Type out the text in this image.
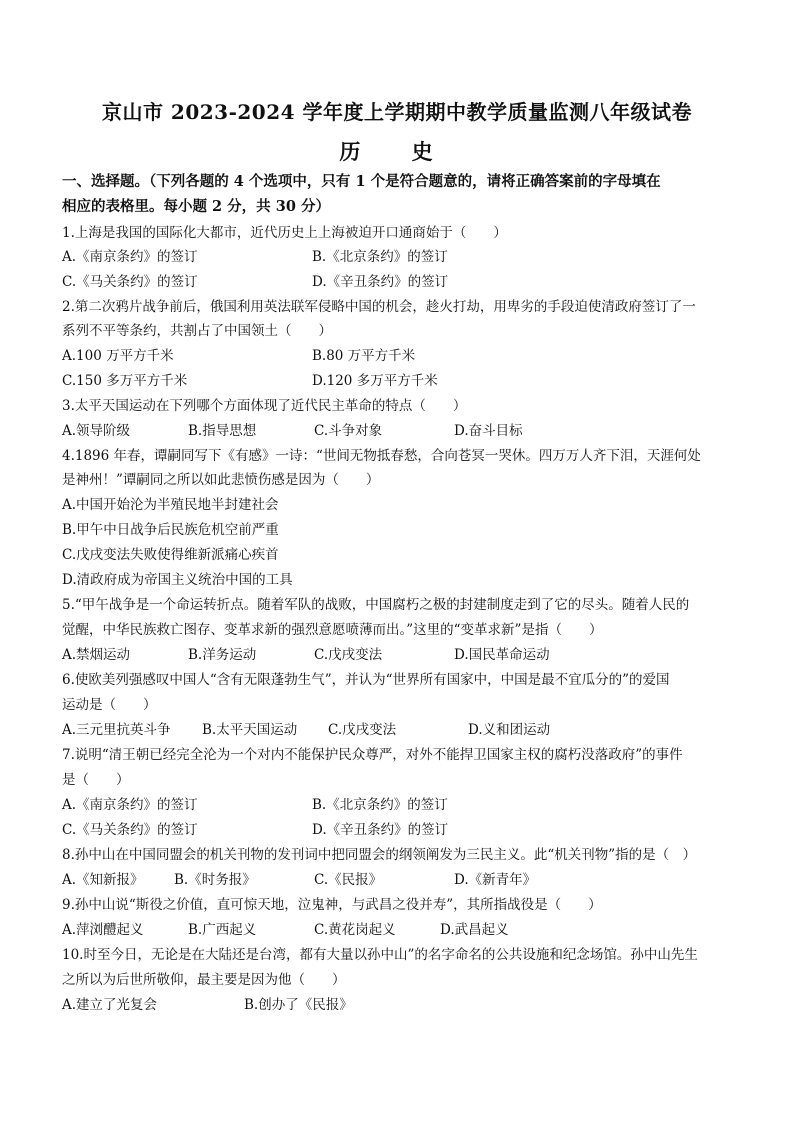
京山市 2023-2024 学年度上学期期中教学质量监测八年级试卷
历 史
一、选择题。（下列各题的 4 个选项中，只有 1 个是符合题意的，请将正确答案前的字母填在
相应的表格里。每小题 2 分，共 30 分）
1.上海是我国的国际化大都市，近代历史上上海被迫开口通商始于（　　）
A.《南京条约》的签订	B.《北京条约》的签订
C.《马关条约》的签订	D.《辛丑条约》的签订
2.第二次鸦片战争前后，俄国利用英法联军侵略中国的机会，趁火打劫，用卑劣的手段迫使清政府签订了一
系列不平等条约，共割占了中国领土（　　）
A.100 万平方千米	B.80 万平方千米
C.150 多万平方千米	D.120 多万平方千米
3.太平天国运动在下列哪个方面体现了近代民主革命的特点（　　）
A.领导阶级	B.指导思想	C.斗争对象	D.奋斗目标
4.1896 年春，谭嗣同写下《有感》一诗：“世间无物抵春愁，合向苍冥一哭休。四万万人齐下泪，天涯何处
是神州！”谭嗣同之所以如此悲愤伤感是因为（　　）
A.中国开始沦为半殖民地半封建社会
B.甲午中日战争后民族危机空前严重
C.戊戌变法失败使得维新派痛心疾首
D.清政府成为帝国主义统治中国的工具
5.“甲午战争是一个命运转折点。随着军队的战败，中国腐朽之极的封建制度走到了它的尽头。随着人民的
觉醒，中华民族救亡图存、变革求新的强烈意愿喷薄而出。”这里的“变革求新”是指（　　）
A.禁烟运动	B.洋务运动	C.戊戌变法	D.国民革命运动
6.使欧美列强感叹中国人“含有无限蓬勃生气”，并认为“世界所有国家中，中国是最不宜瓜分的”的爱国
运动是（　　）
A.三元里抗英斗争 B.太平天国运动 C.戊戌变法	D.义和团运动
7.说明“清王朝已经完全沦为一个对内不能保护民众尊严，对外不能捍卫国家主权的腐朽没落政府”的事件
是（　　）
A.《南京条约》的签订	B.《北京条约》的签订
C.《马关条约》的签订	D.《辛丑条约》的签订
8.孙中山在中国同盟会的机关刊物的发刊词中把同盟会的纲领阐发为三民主义。此“机关刊物”指的是（　）
A.《知新报》 B.《时务报》	C.《民报》	D.《新青年》
9.孙中山说“斯役之价值，直可惊天地，泣鬼神，与武昌之役并寿”，其所指战役是（　　）
A.萍浏醴起义	B.广西起义	C.黄花岗起义	D.武昌起义
10.时至今日，无论是在大陆还是台湾，都有大量以孙中山”的名字命名的公共设施和纪念场馆。孙中山先生
之所以为后世所敬仰，最主要是因为他（　　）
A.建立了光复会	B.创办了《民报》
